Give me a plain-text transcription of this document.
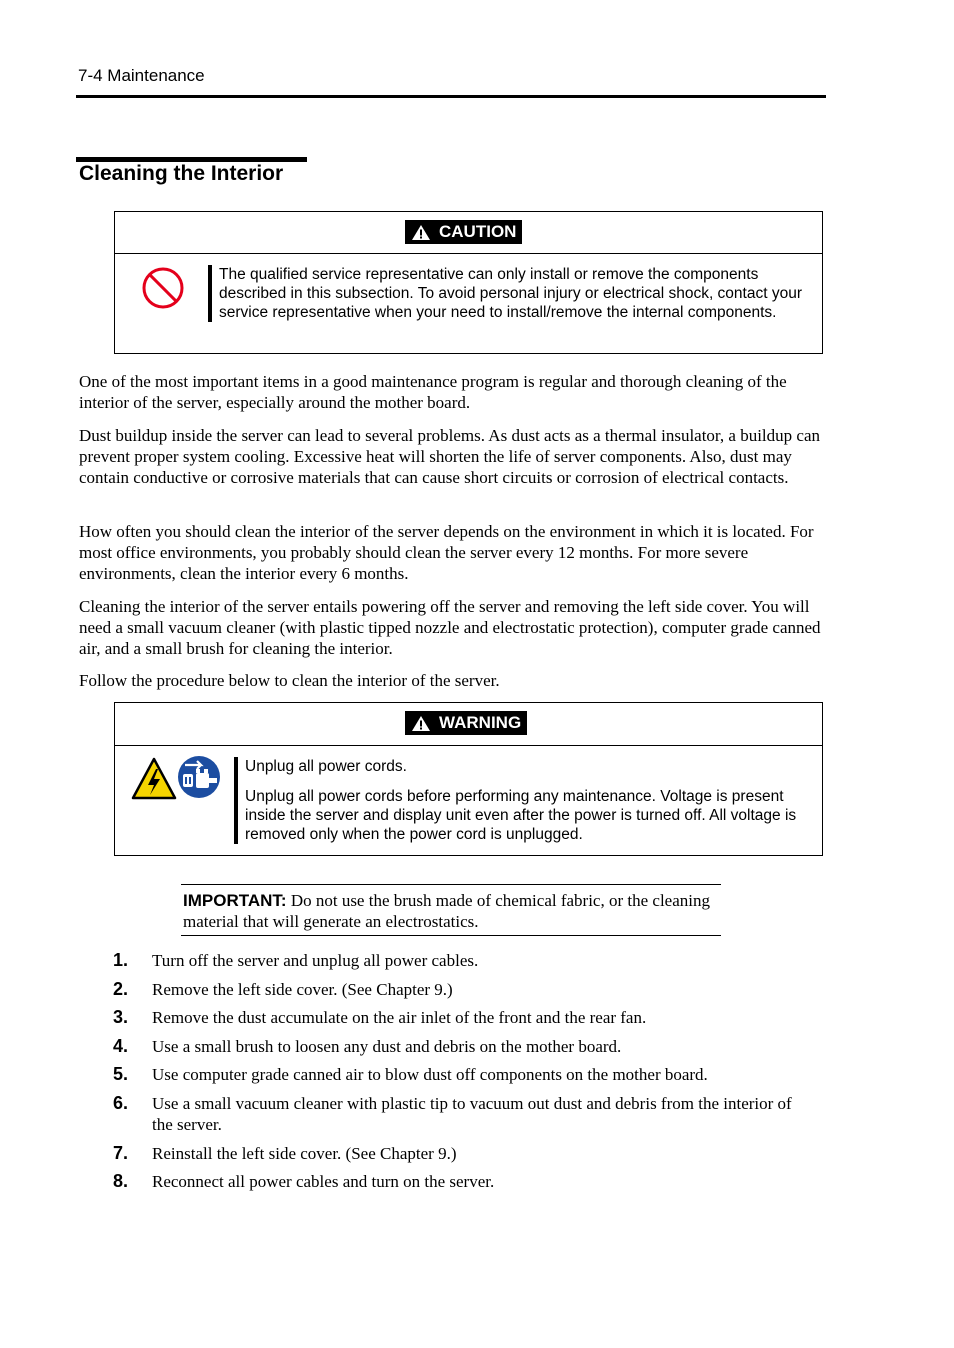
7-4 Maintenance
Cleaning the Interior
CAUTION

The qualified service representative can only install or remove the components described in this subsection. To avoid personal injury or electrical shock, contact your service representative when your need to install/remove the internal components.

One of the most important items in a good maintenance program is regular and thorough cleaning of the interior of the server, especially around the mother board.

Dust buildup inside the server can lead to several problems. As dust acts as a thermal insulator, a buildup can prevent proper system cooling. Excessive heat will shorten the life of server components. Also, dust may contain conductive or corrosive materials that can cause short circuits or corrosion of electrical contacts.

How often you should clean the interior of the server depends on the environment in which it is located. For most office environments, you probably should clean the server every 12 months. For more severe environments, clean the interior every 6 months.

Cleaning the interior of the server entails powering off the server and removing the left side cover. You will need a small vacuum cleaner (with plastic tipped nozzle and electrostatic protection), computer grade canned air, and a small brush for cleaning the interior.

Follow the procedure below to clean the interior of the server.

WARNING

Unplug all power cords.

Unplug all power cords before performing any maintenance. Voltage is present inside the server and display unit even after the power is turned off. All voltage is removed only when the power cord is unplugged.

IMPORTANT: Do not use the brush made of chemical fabric, or the cleaning material that will generate an electrostatics.
1.	Turn off the server and unplug all power cables.
2.	Remove the left side cover. (See Chapter 9.)
3.	Remove the dust accumulate on the air inlet of the front and the rear fan.
4.	Use a small brush to loosen any dust and debris on the mother board.
5.	Use computer grade canned air to blow dust off components on the mother board.
6.	Use a small vacuum cleaner with plastic tip to vacuum out dust and debris from the interior of the server.
7.	Reinstall the left side cover. (See Chapter 9.)
8.	Reconnect all power cables and turn on the server.
